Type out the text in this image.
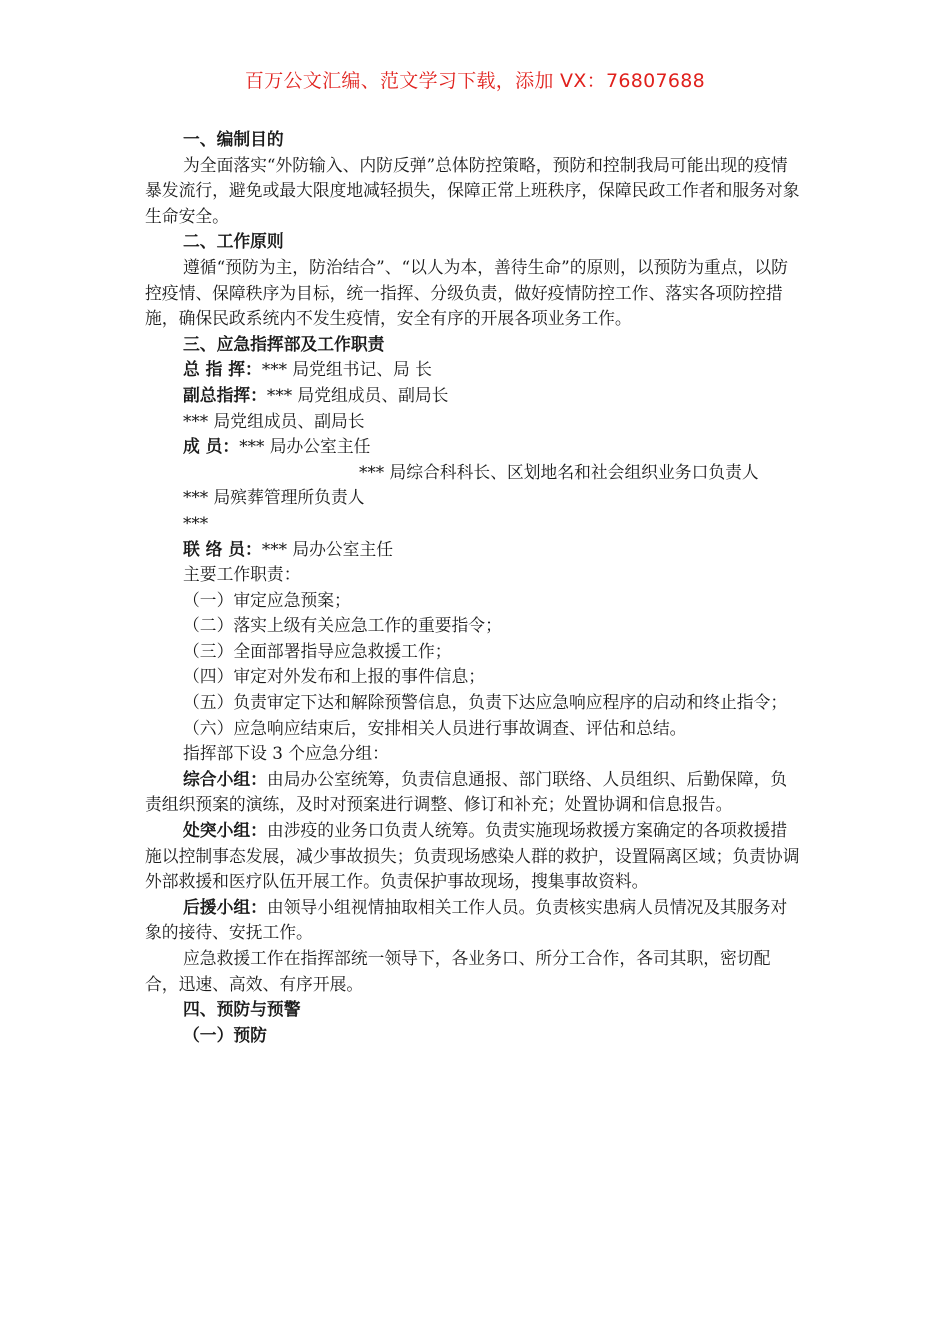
百万公文汇编、范文学习下载，添加 VX：76807688

一、编制目的

为全面落实“外防输入、内防反弹”总体防控策略，预防和控制我局可能出现的疫情暴发流行，避免或最大限度地减轻损失，保障正常上班秩序，保障民政工作者和服务对象生命安全。

二、工作原则

遵循“预防为主，防治结合”、“以人为本，善待生命”的原则，以预防为重点，以防控疫情、保障秩序为目标，统一指挥、分级负责，做好疫情防控工作、落实各项防控措施，确保民政系统内不发生疫情，安全有序的开展各项业务工作。

三、应急指挥部及工作职责

总 指 挥：*** 局党组书记、局 长

副总指挥：*** 局党组成员、副局长

*** 局党组成员、副局长

成 员：*** 局办公室主任

*** 局综合科科长、区划地名和社会组织业务口负责人

*** 局殡葬管理所负责人

***

联 络 员：*** 局办公室主任

主要工作职责：

（一）审定应急预案；

（二）落实上级有关应急工作的重要指令；

（三）全面部署指导应急救援工作；

（四）审定对外发布和上报的事件信息；

（五）负责审定下达和解除预警信息，负责下达应急响应程序的启动和终止指令；

（六）应急响应结束后，安排相关人员进行事故调查、评估和总结。

指挥部下设 3 个应急分组：

综合小组：由局办公室统筹，负责信息通报、部门联络、人员组织、后勤保障，负责组织预案的演练，及时对预案进行调整、修订和补充；处置协调和信息报告。

处突小组：由涉疫的业务口负责人统筹。负责实施现场救援方案确定的各项救援措施以控制事态发展，减少事故损失；负责现场感染人群的救护，设置隔离区域；负责协调外部救援和医疗队伍开展工作。负责保护事故现场，搜集事故资料。

后援小组：由领导小组视情抽取相关工作人员。负责核实患病人员情况及其服务对象的接待、安抚工作。

应急救援工作在指挥部统一领导下，各业务口、所分工合作，各司其职，密切配合，迅速、高效、有序开展。

四、预防与预警

（一）预防
